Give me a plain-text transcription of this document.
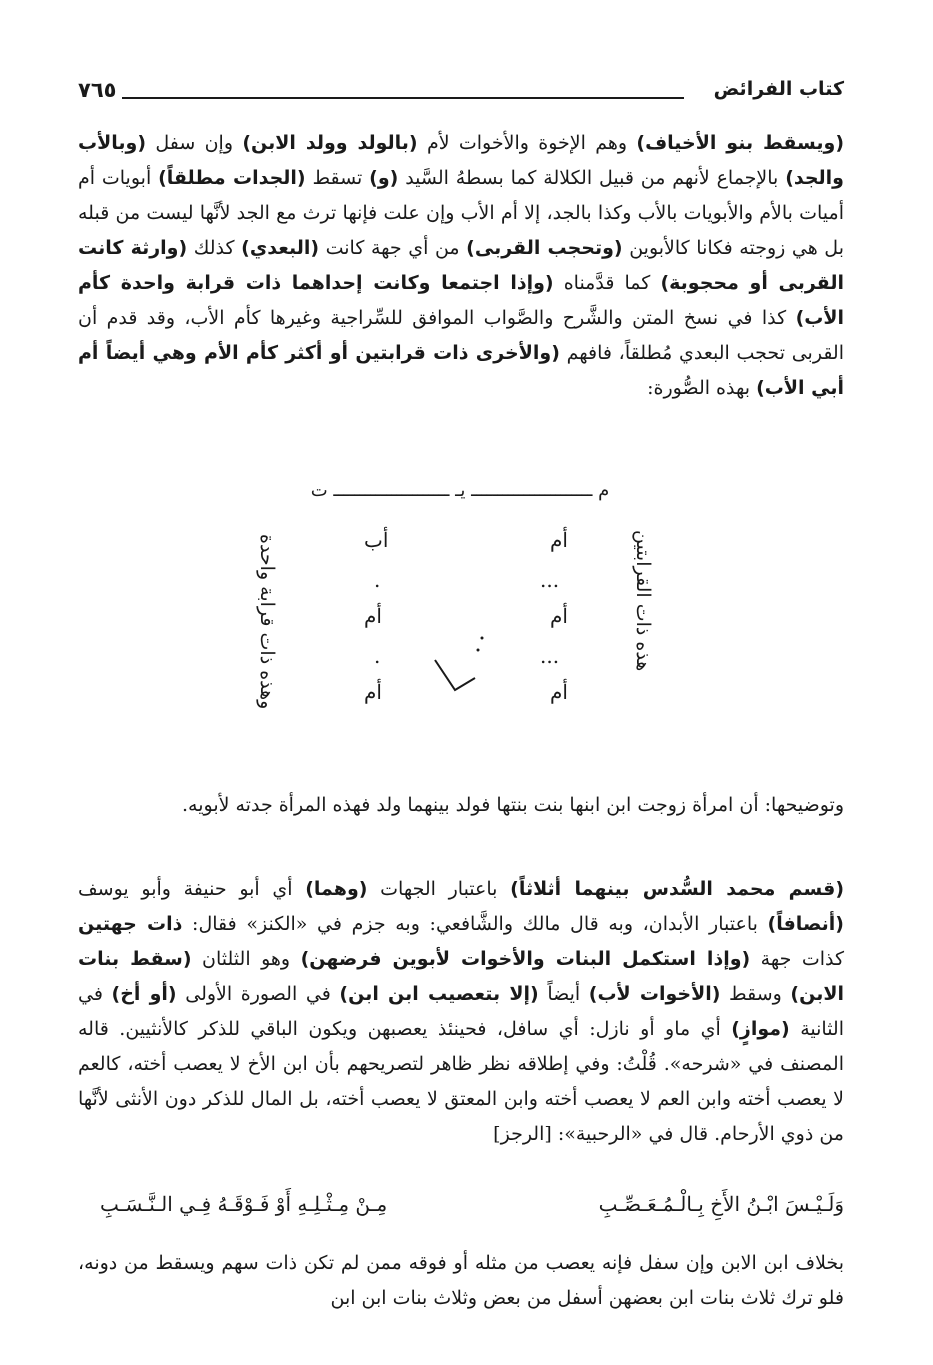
٧٦٥	كتاب الفرائض
(ويسقط بنو الأخياف) وهم الإخوة والأخوات لأم (بالولد وولد الابن) وإن سفل (وبالأب والجد) بالإجماع لأنهم من قبيل الكلالة كما بسطهُ السَّيد (و) تسقط (الجدات مطلقاً) أبويات أم أميات بالأم والأبويات بالأب وكذا بالجد، إلا أم الأب وإن علت فإنها ترث مع الجد لأنَّها ليست من قبله بل هي زوجته فكانا كالأبوين (وتحجب القربى) من أي جهة كانت (البعدي) كذلك (وارثة كانت القربى أو محجوبة) كما قدَّمناه (وإذا اجتمعا وكانت إحداهما ذات قرابة واحدة كأم الأب) كذا في نسخ المتن والشَّرح والصَّواب الموافق للسِّراجية وغيرها كأم الأب، وقد قدم أن القربى تحجب البعدي مُطلقاً، فافهم (والأخرى ذات قرابتين أو أكثر كأم الأم وهي أيضاً أم أبي الأب) بهذه الصُّورة:
م ـــــــــــــــــــــــ يـ ــــــــــــــــــــــ ت
هذه ذات القرابتين
وهذه ذات قرابة واحدة	أم
...
أم
...
أم
أب
.
أم
.
أم
وتوضيحها: أن امرأة زوجت ابن ابنها بنت بنتها فولد بينهما ولد فهذه المرأة جدته لأبويه.
(قسم محمد السُّدس بينهما أثلاثاً) باعتبار الجهات (وهما) أي أبو حنيفة وأبو يوسف (أنصافاً) باعتبار الأبدان، وبه قال مالك والشَّافعي: وبه جزم في «الكنز» فقال: ذات جهتين كذات جهة (وإذا استكمل البنات والأخوات لأبوين فرضهن) وهو الثلثان (سقط بنات الابن) وسقط (الأخوات لأب) أيضاً (إلا بتعصيب ابن ابن) في الصورة الأولى (أو أخ) في الثانية (موازٍ) أي ماو أو نازل: أي سافل، فحينئذ يعصبهن ويكون الباقي للذكر كالأنثيين. قاله المصنف في «شرحه». قُلْتُ: وفي إطلاقه نظر ظاهر لتصريحهم بأن ابن الأخ لا يعصب أخته، كالعم لا يعصب أخته وابن العم لا يعصب أخته وابن المعتق لا يعصب أخته، بل المال للذكر دون الأنثى لأنَّها من ذوي الأرحام. قال في «الرحبية»: [الرجز]
وَلَـيْـسَ ابْـنُ الأَخِ بِـالْـمُـعَـصِّـبِ
مِـنْ مِـثْـلِـهِ أَوْ فَـوْقَـهُ فِـي الـنَّـسَـبِ
بخلاف ابن الابن وإن سفل فإنه يعصب من مثله أو فوقه ممن لم تكن ذات سهم ويسقط من دونه، فلو ترك ثلاث بنات ابن بعضهن أسفل من بعض وثلاث بنات ابن ابن
